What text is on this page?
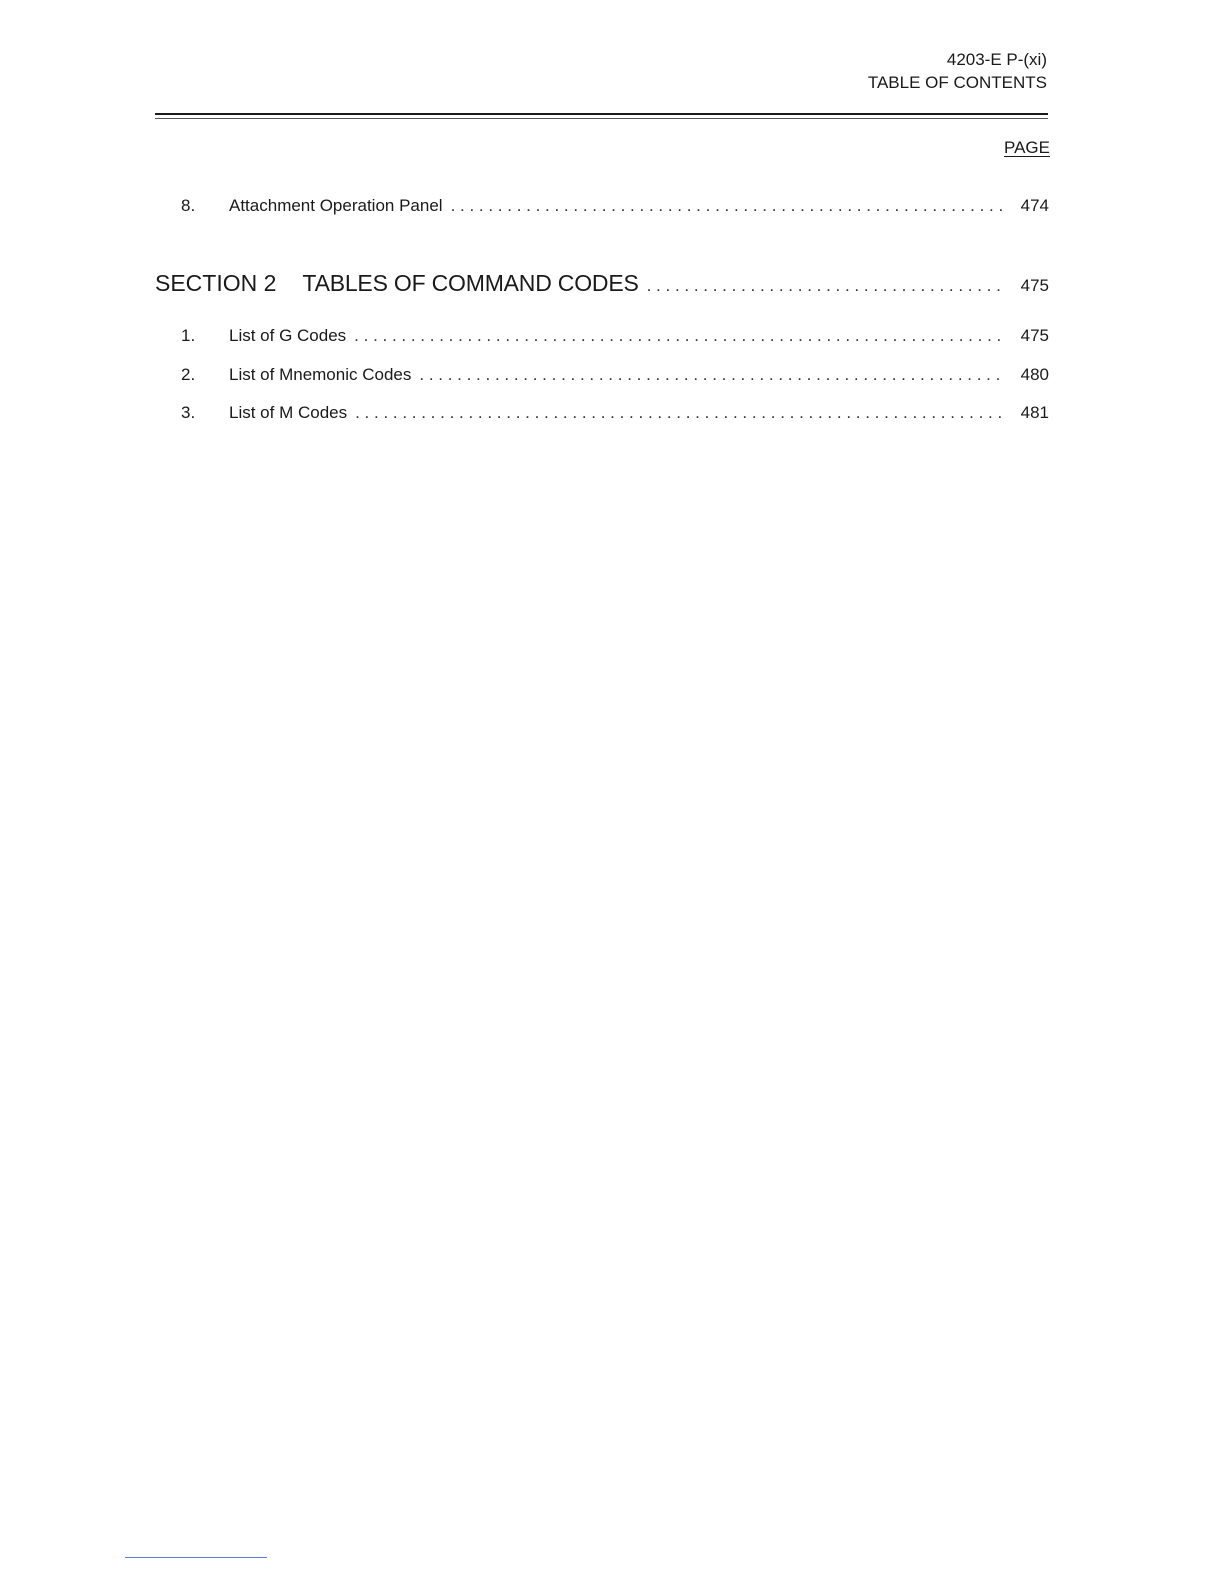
4203-E P-(xi)
TABLE OF CONTENTS
PAGE
8. Attachment Operation Panel . . .	474
SECTION 2 TABLES OF COMMAND CODES . . .	475
1. List of G Codes . . .	475
2. List of Mnemonic Codes . . .	480
3. List of M Codes . . .	481
